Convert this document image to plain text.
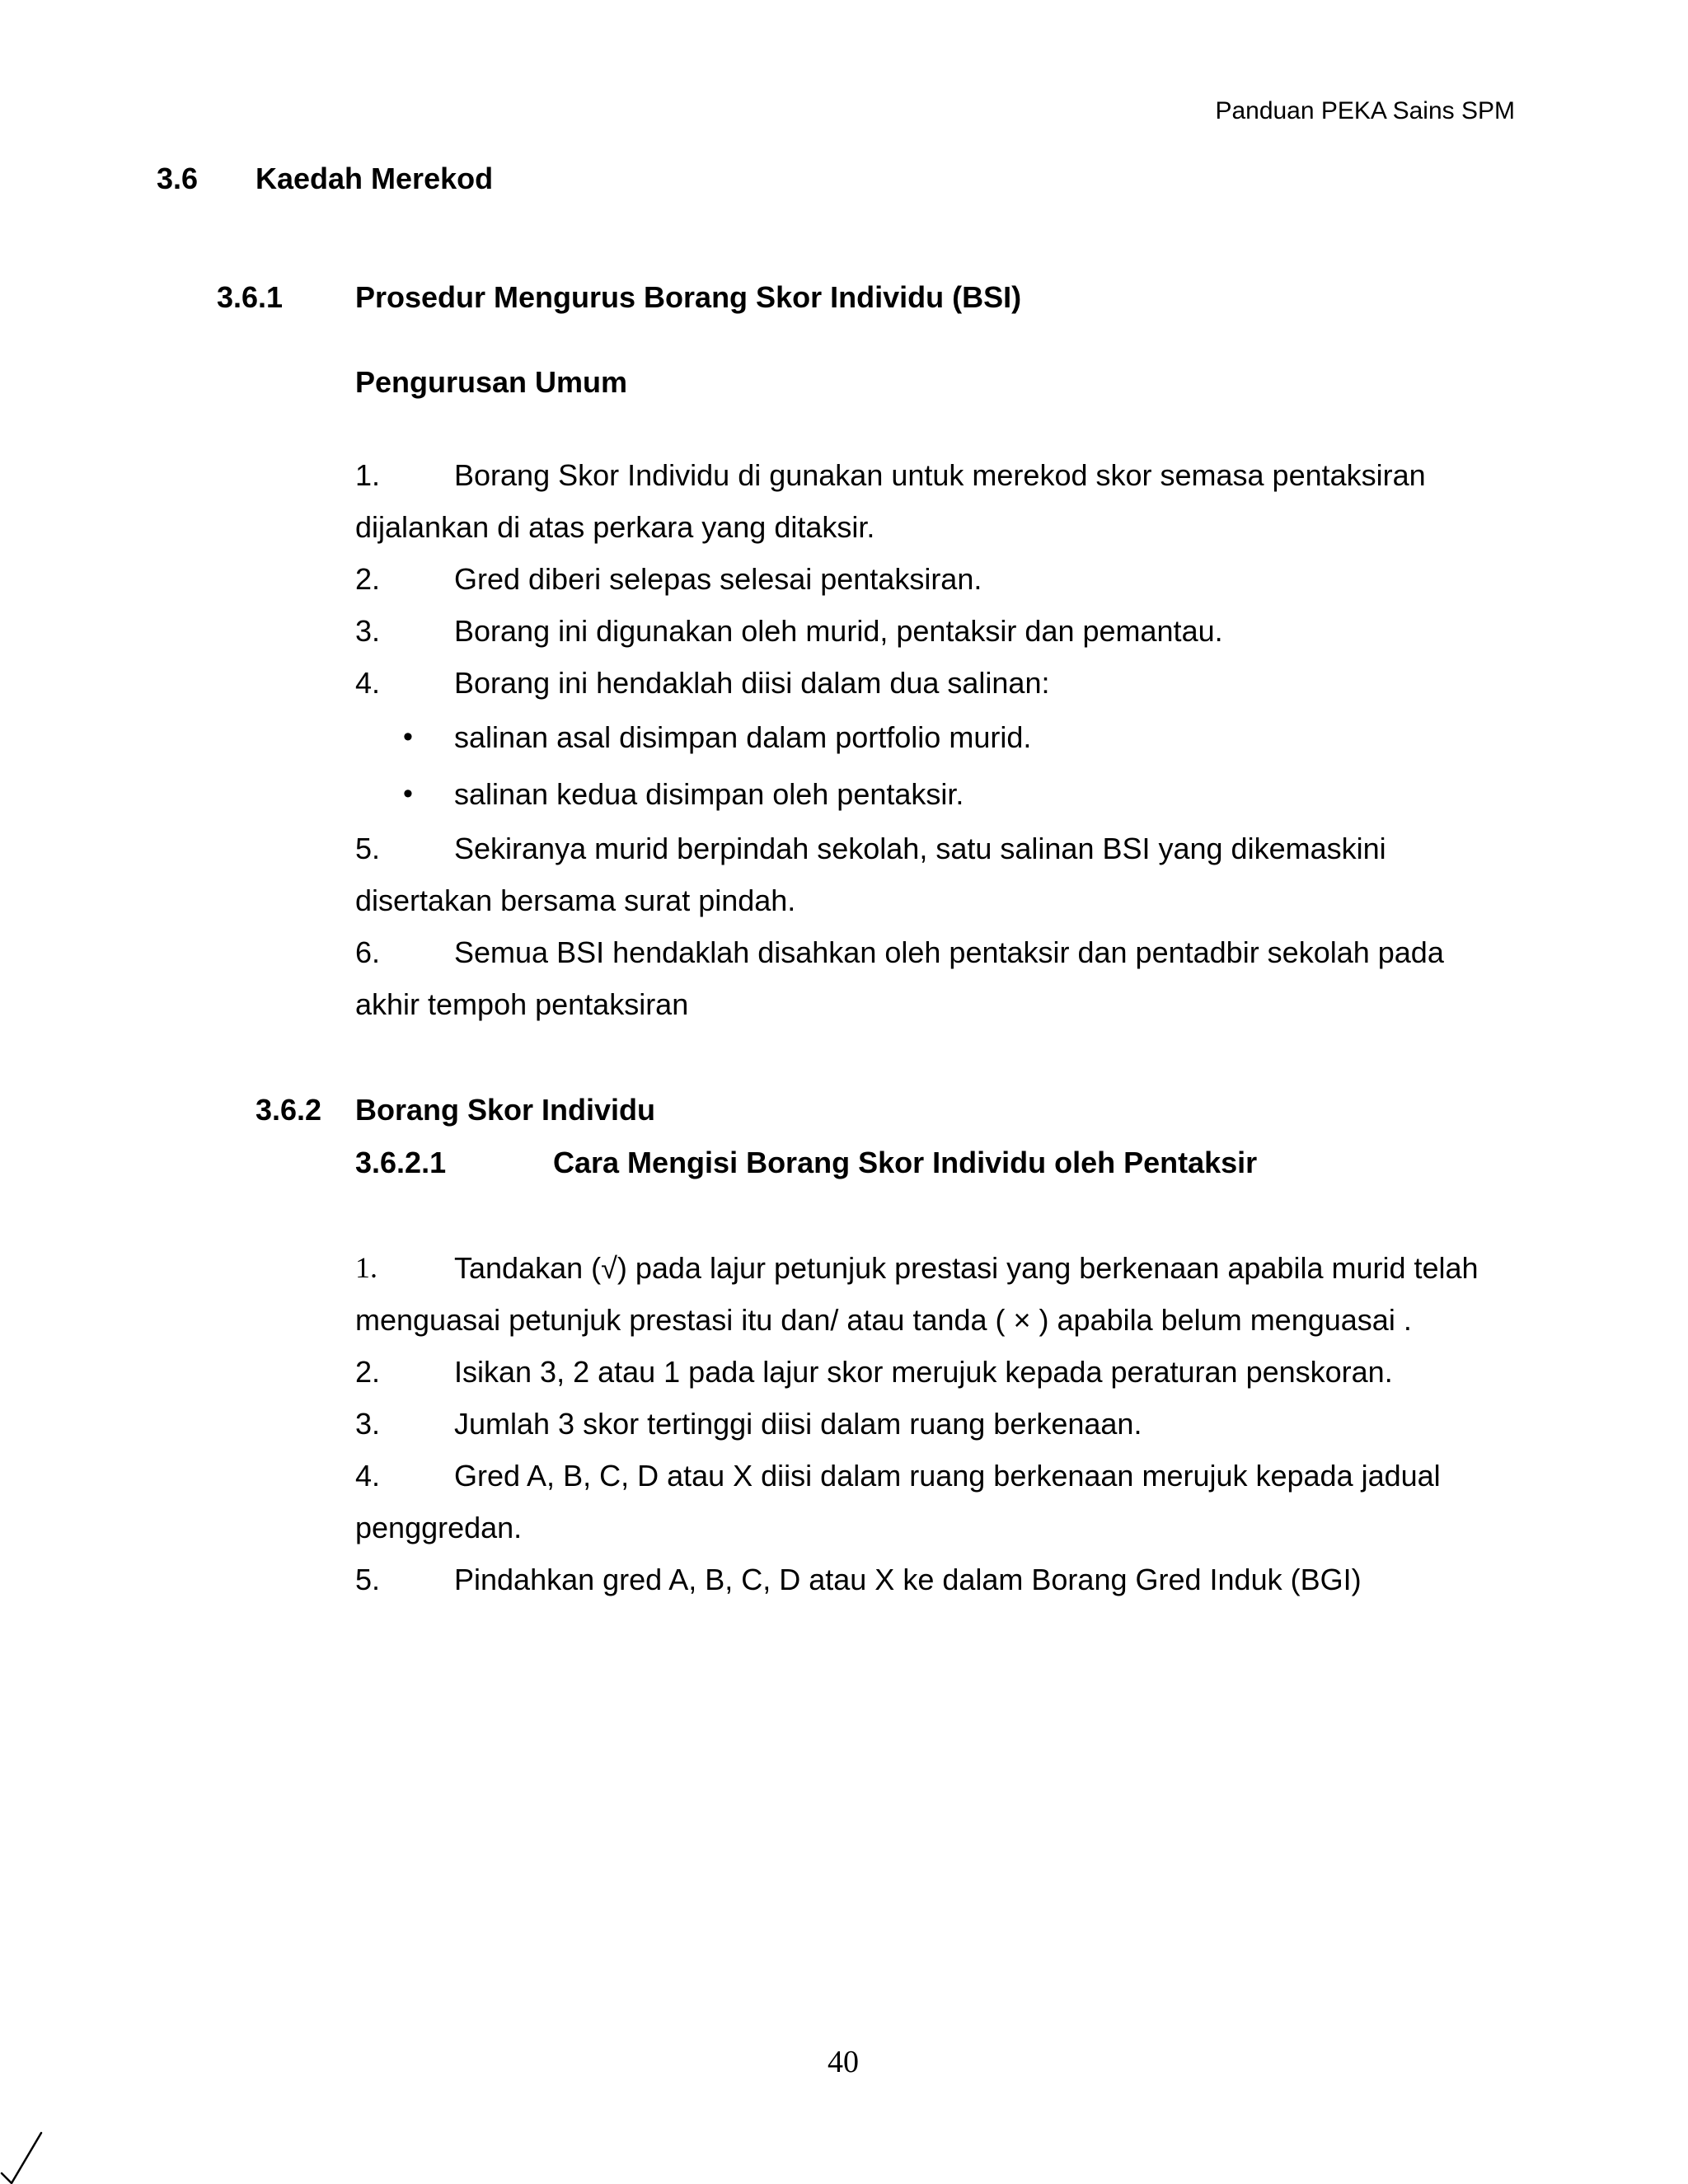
Panduan PEKA Sains SPM
3.6 Kaedah Merekod
3.6.1 Prosedur Mengurus Borang Skor Individu (BSI)
Pengurusan Umum
1. Borang Skor Individu di gunakan untuk merekod skor semasa pentaksiran
dijalankan di atas perkara yang ditaksir.
2. Gred diberi selepas selesai pentaksiran.
3. Borang ini digunakan oleh murid, pentaksir dan pemantau.
4. Borang ini hendaklah diisi dalam dua salinan:
• salinan asal disimpan dalam portfolio murid.
• salinan kedua disimpan oleh pentaksir.
5. Sekiranya murid berpindah sekolah, satu salinan BSI yang dikemaskini
disertakan bersama surat pindah.
6. Semua BSI hendaklah disahkan oleh pentaksir dan pentadbir sekolah pada
akhir tempoh pentaksiran
3.6.2 Borang Skor Individu
3.6.2.1	Cara Mengisi Borang Skor Individu oleh Pentaksir
1.	Tandakan (√) pada lajur petunjuk prestasi yang berkenaan apabila murid telah
menguasai petunjuk prestasi itu dan/ atau tanda ( × ) apabila belum menguasai .
2. Isikan 3, 2 atau 1 pada lajur skor merujuk kepada peraturan penskoran.
3. Jumlah 3 skor tertinggi diisi dalam ruang berkenaan.
4. Gred A, B, C, D atau X diisi dalam ruang berkenaan merujuk kepada jadual
penggredan.
5. Pindahkan gred A, B, C, D atau X ke dalam Borang Gred Induk (BGI)
40
